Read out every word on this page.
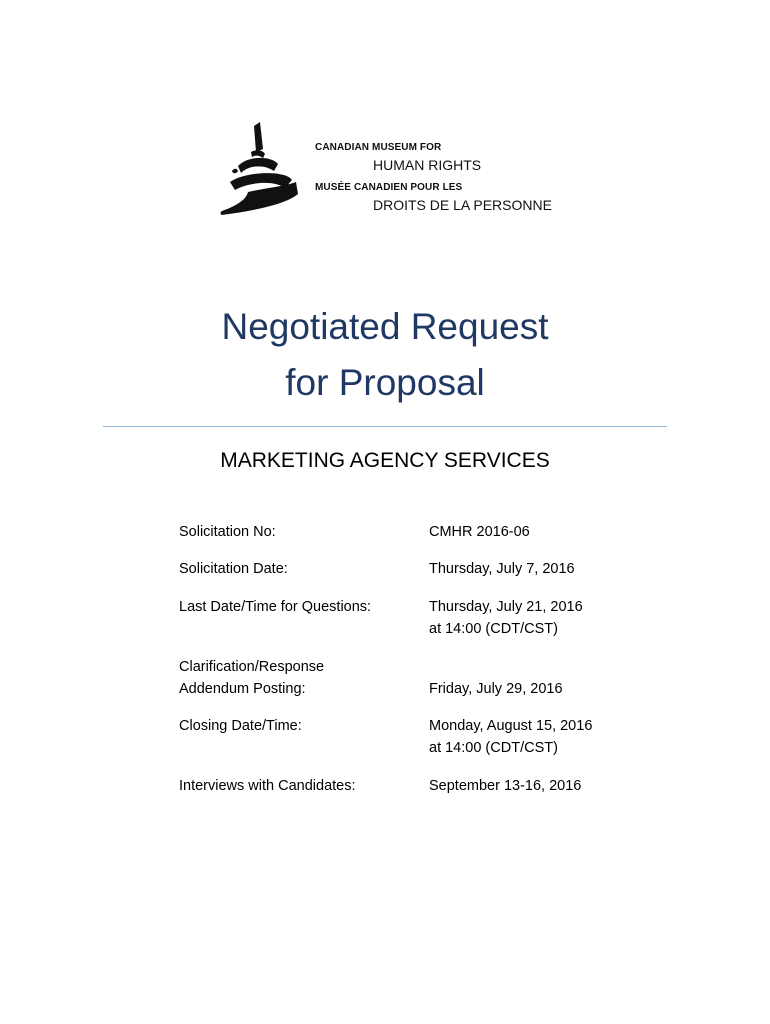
CANADIAN MUSEUM FOR
HUMAN RIGHTS
MUSÉE CANADIEN POUR LES
DROITS DE LA PERSONNE
Negotiated Request
for Proposal
MARKETING AGENCY SERVICES
Solicitation No:	CMHR 2016-06
Solicitation Date:	Thursday, July 7, 2016
Last Date/Time for Questions:	Thursday, July 21, 2016
at 14:00 (CDT/CST)
Clarification/Response
Addendum Posting:	Friday, July 29, 2016
Closing Date/Time:	Monday, August 15, 2016
at 14:00 (CDT/CST)
Interviews with Candidates:	September 13-16, 2016
